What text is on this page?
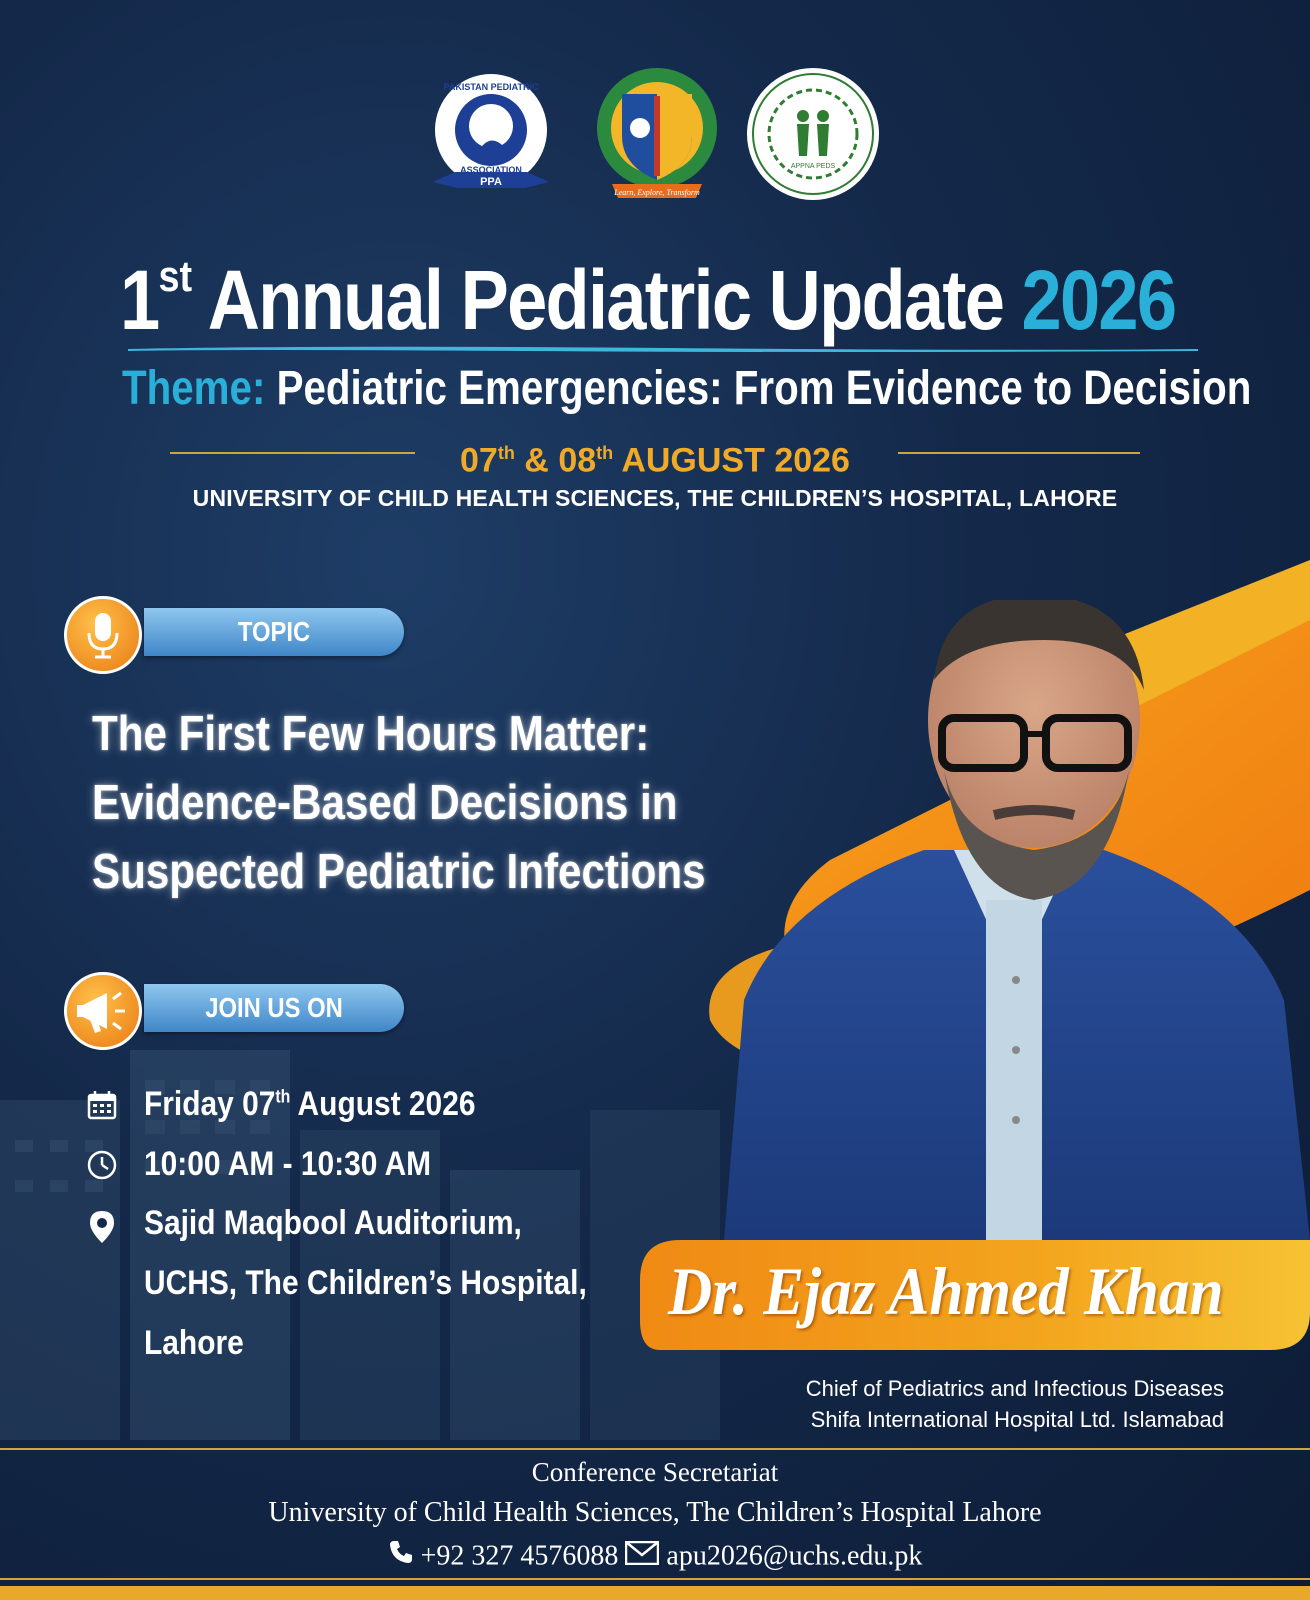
PPA
PAKISTAN PEDIATRIC
ASSOCIATION
Learn, Explore, Transform
APPNA PEDS
1st Annual Pediatric Update 2026
Theme: Pediatric Emergencies: From Evidence to Decision
07th & 08th AUGUST 2026
UNIVERSITY OF CHILD HEALTH SCIENCES, THE CHILDREN’S HOSPITAL, LAHORE
TOPIC
The First Few Hours Matter:
Evidence-Based Decisions in
Suspected Pediatric Infections
JOIN US ON
Friday 07th August 2026
10:00 AM - 10:30 AM
Sajid Maqbool Auditorium,
UCHS, The Children’s Hospital,
Lahore
Dr. Ejaz Ahmed Khan
Chief of Pediatrics and Infectious Diseases
Shifa International Hospital Ltd. Islamabad
Conference Secretariat
University of Child Health Sciences, The Children’s Hospital Lahore
+92 327 4576088 apu2026@uchs.edu.pk
